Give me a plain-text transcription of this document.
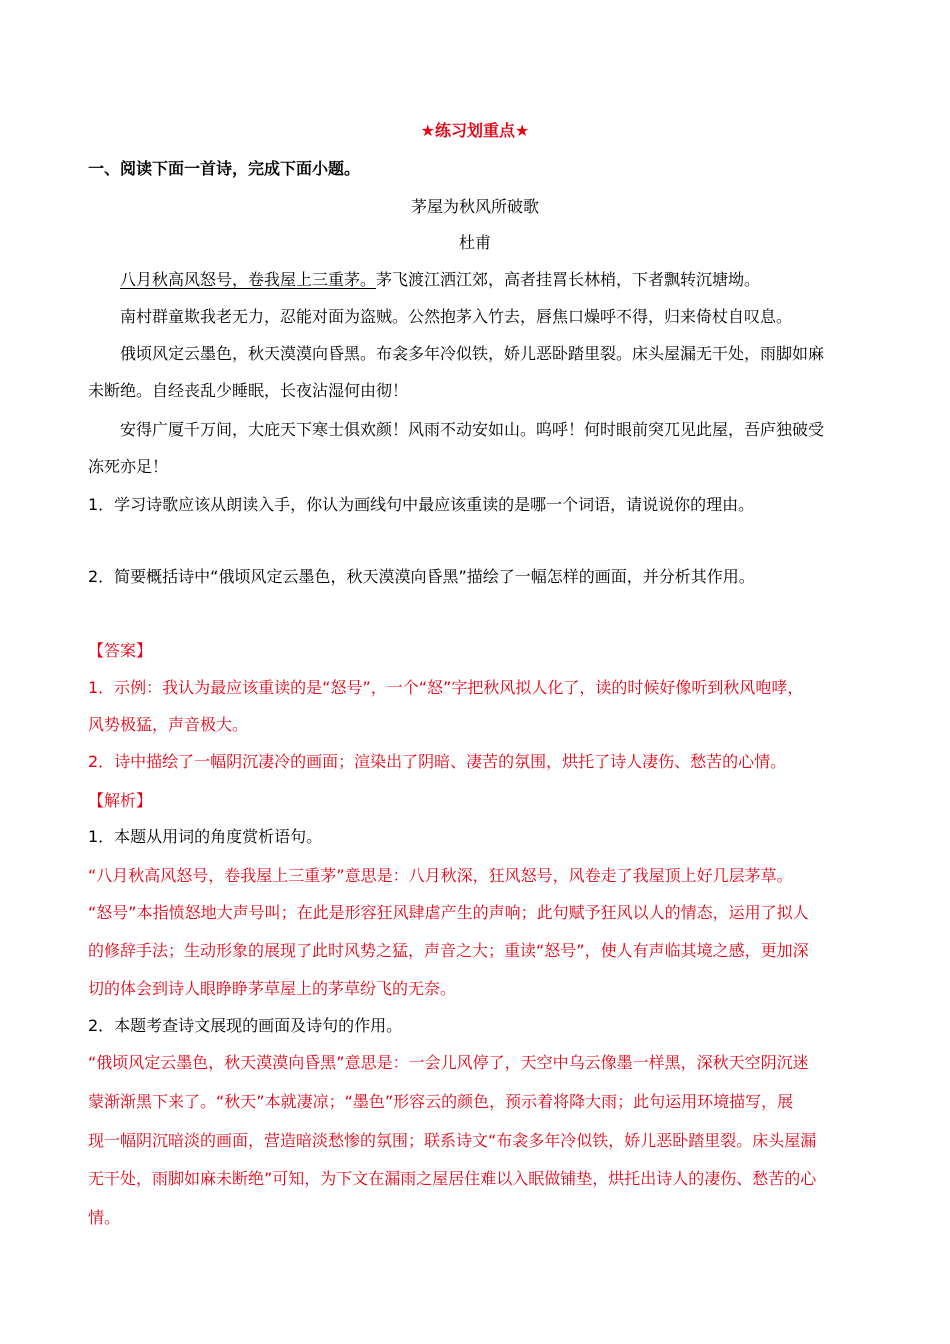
★练习划重点★
一、阅读下面一首诗，完成下面小题。
茅屋为秋风所破歌
杜甫
八月秋高风怒号，卷我屋上三重茅。茅飞渡江洒江郊，高者挂罥长林梢，下者飘转沉塘坳。
南村群童欺我老无力，忍能对面为盗贼。公然抱茅入竹去，唇焦口燥呼不得，归来倚杖自叹息。
俄顷风定云墨色，秋天漠漠向昏黑。布衾多年冷似铁，娇儿恶卧踏里裂。床头屋漏无干处，雨脚如麻
未断绝。自经丧乱少睡眠，长夜沾湿何由彻！
安得广厦千万间，大庇天下寒士俱欢颜！风雨不动安如山。呜呼！何时眼前突兀见此屋，吾庐独破受
冻死亦足！
1．学习诗歌应该从朗读入手，你认为画线句中最应该重读的是哪一个词语，请说说你的理由。
2．简要概括诗中“俄顷风定云墨色，秋天漠漠向昏黑”描绘了一幅怎样的画面，并分析其作用。
【答案】
1．示例：我认为最应该重读的是“怒号”，一个“怒”字把秋风拟人化了，读的时候好像听到秋风咆哮，
风势极猛，声音极大。
2．诗中描绘了一幅阴沉凄冷的画面；渲染出了阴暗、凄苦的氛围，烘托了诗人凄伤、愁苦的心情。
【解析】
1．本题从用词的角度赏析语句。
“八月秋高风怒号，卷我屋上三重茅”意思是：八月秋深，狂风怒号，风卷走了我屋顶上好几层茅草。
“怒号”本指愤怒地大声号叫；在此是形容狂风肆虐产生的声响；此句赋予狂风以人的情态，运用了拟人
的修辞手法；生动形象的展现了此时风势之猛，声音之大；重读“怒号”，使人有声临其境之感，更加深
切的体会到诗人眼睁睁茅草屋上的茅草纷飞的无奈。
2．本题考查诗文展现的画面及诗句的作用。
“俄顷风定云墨色，秋天漠漠向昏黑”意思是：一会儿风停了，天空中乌云像墨一样黑，深秋天空阴沉迷
蒙渐渐黑下来了。“秋天”本就凄凉；“墨色”形容云的颜色，预示着将降大雨；此句运用环境描写，展
现一幅阴沉暗淡的画面，营造暗淡愁惨的氛围；联系诗文“布衾多年冷似铁，娇儿恶卧踏里裂。床头屋漏
无干处，雨脚如麻未断绝”可知，为下文在漏雨之屋居住难以入眠做铺垫，烘托出诗人的凄伤、愁苦的心
情。
